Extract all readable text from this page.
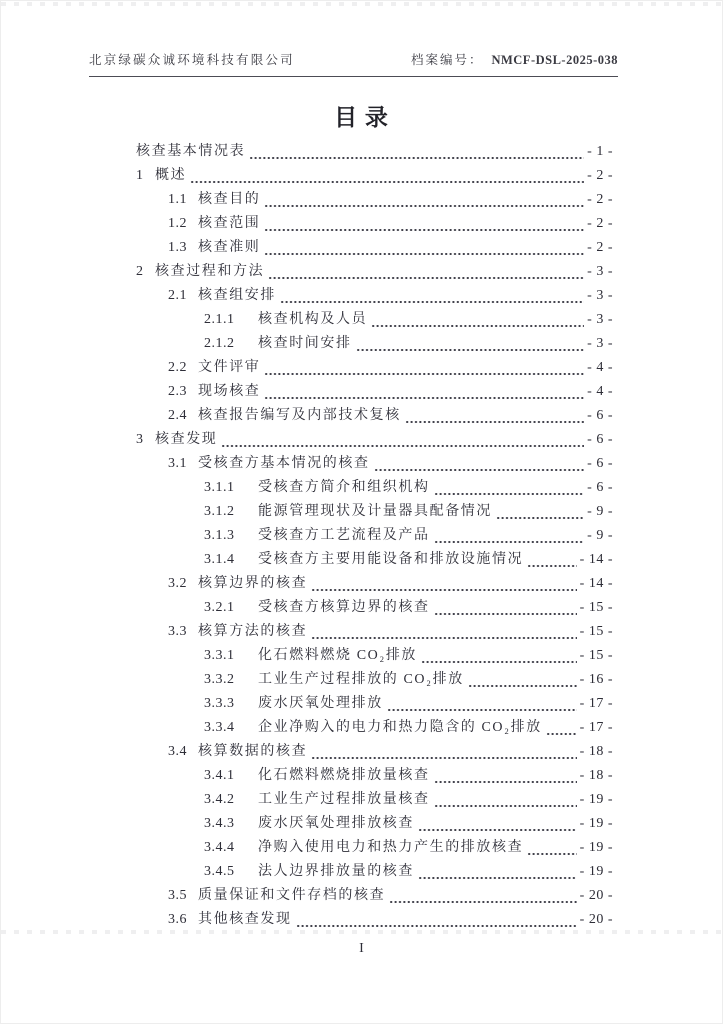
北京绿碳众诚环境科技有限公司	档案编号： NMCF-DSL-2025-038
目 录
核查基本情况表	- 1 -
1 概述	- 2 -
1.1 核查目的	- 2 -
1.2 核查范围	- 2 -
1.3 核查准则	- 2 -
2 核查过程和方法	- 3 -
2.1 核查组安排	- 3 -
2.1.1	核查机构及人员	- 3 -
2.1.2	核查时间安排	- 3 -
2.2 文件评审	- 4 -
2.3 现场核查	- 4 -
2.4 核查报告编写及内部技术复核	- 6 -
3 核查发现	- 6 -
3.1 受核查方基本情况的核查	- 6 -
3.1.1	受核查方简介和组织机构	- 6 -
3.1.2	能源管理现状及计量器具配备情况	- 9 -
3.1.3	受核查方工艺流程及产品	- 9 -
3.1.4	受核查方主要用能设备和排放设施情况	- 14 -
3.2 核算边界的核查	- 14 -
3.2.1	受核查方核算边界的核查	- 15 -
3.3 核算方法的核查	- 15 -
3.3.1	化石燃料燃烧 CO₂排放	- 15 -
3.3.2	工业生产过程排放的 CO₂排放	- 16 -
3.3.3	废水厌氧处理排放	- 17 -
3.3.4	企业净购入的电力和热力隐含的 CO₂排放	- 17 -
3.4 核算数据的核查	- 18 -
3.4.1	化石燃料燃烧排放量核查	- 18 -
3.4.2	工业生产过程排放量核查	- 19 -
3.4.3	废水厌氧处理排放核查	- 19 -
3.4.4	净购入使用电力和热力产生的排放核查	- 19 -
3.4.5	法人边界排放量的核查	- 19 -
3.5 质量保证和文件存档的核查	- 20 -
3.6 其他核查发现	- 20 -
I
